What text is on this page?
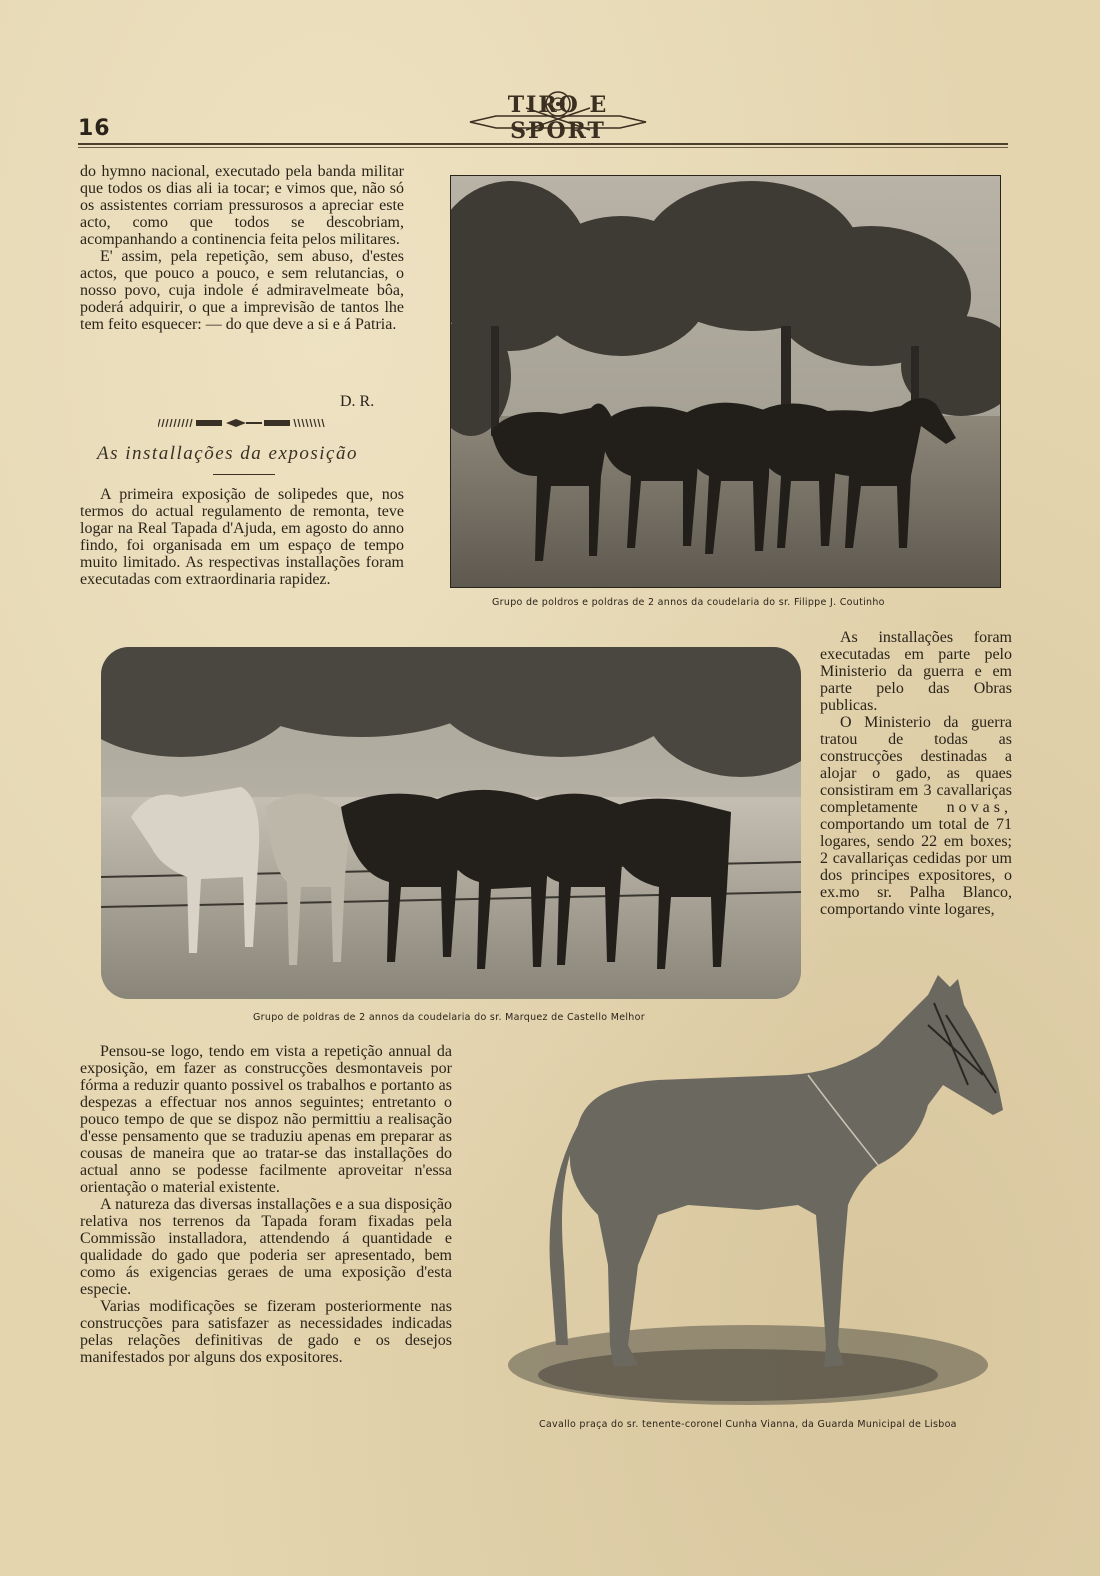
16
TIRO E SPORT

do hymno nacional, executado pela banda militar que todos os dias ali ia tocar; e vimos que, não só os assistentes corriam pressurosos a apreciar este acto, como que todos se descobriam, acompanhando a continencia feita pelos militares.

E' assim, pela repetição, sem abuso, d'estes actos, que pouco a pouco, e sem relutancias, o nosso povo, cuja indole é admiravelmeate bôa, poderá adquirir, o que a imprevisão de tantos lhe tem feito esquecer: — do que deve a si e á Patria.

D. R.
As installações da exposição

A primeira exposição de solipedes que, nos termos do actual regulamento de remonta, teve logar na Real Tapada d'Ajuda, em agosto do anno findo, foi organisada em um espaço de tempo muito limitado. As respectivas installações foram executadas com extraordinaria rapidez.

Grupo de poldros e poldras de 2 annos da coudelaria do sr. Filippe J. Coutinho

As installações foram executadas em parte pelo Ministerio da guerra e em parte pelo das Obras publicas.

O Ministerio da guerra tratou de todas as construcções destinadas a alojar o gado, as quaes consistiram em 3 cavallariças completamente novas, comportando um total de 71 logares, sendo 22 em boxes; 2 cavallariças cedidas por um dos principes expositores, o ex.mo sr. Palha Blanco, comportando vinte logares,

Grupo de poldras de 2 annos da coudelaria do sr. Marquez de Castello Melhor

Pensou-se logo, tendo em vista a repetição annual da exposição, em fazer as construcções desmontaveis por fórma a reduzir quanto possivel os trabalhos e portanto as despezas a effectuar nos annos seguintes; entretanto o pouco tempo de que se dispoz não permittiu a realisação d'esse pensamento que se traduziu apenas em preparar as cousas de maneira que ao tratar-se das installações do actual anno se podesse facilmente aproveitar n'essa orientação o material existente.

A natureza das diversas installações e a sua disposição relativa nos terrenos da Tapada foram fixadas pela Commissão installadora, attendendo á quantidade e qualidade do gado que poderia ser apresentado, bem como ás exigencias geraes de uma exposição d'esta especie.

Varias modificações se fizeram posteriormente nas construcções para satisfazer as necessidades indicadas pelas relações definitivas de gado e os desejos manifestados por alguns dos expositores.

Cavallo praça do sr. tenente-coronel Cunha Vianna, da Guarda Municipal de Lisboa
